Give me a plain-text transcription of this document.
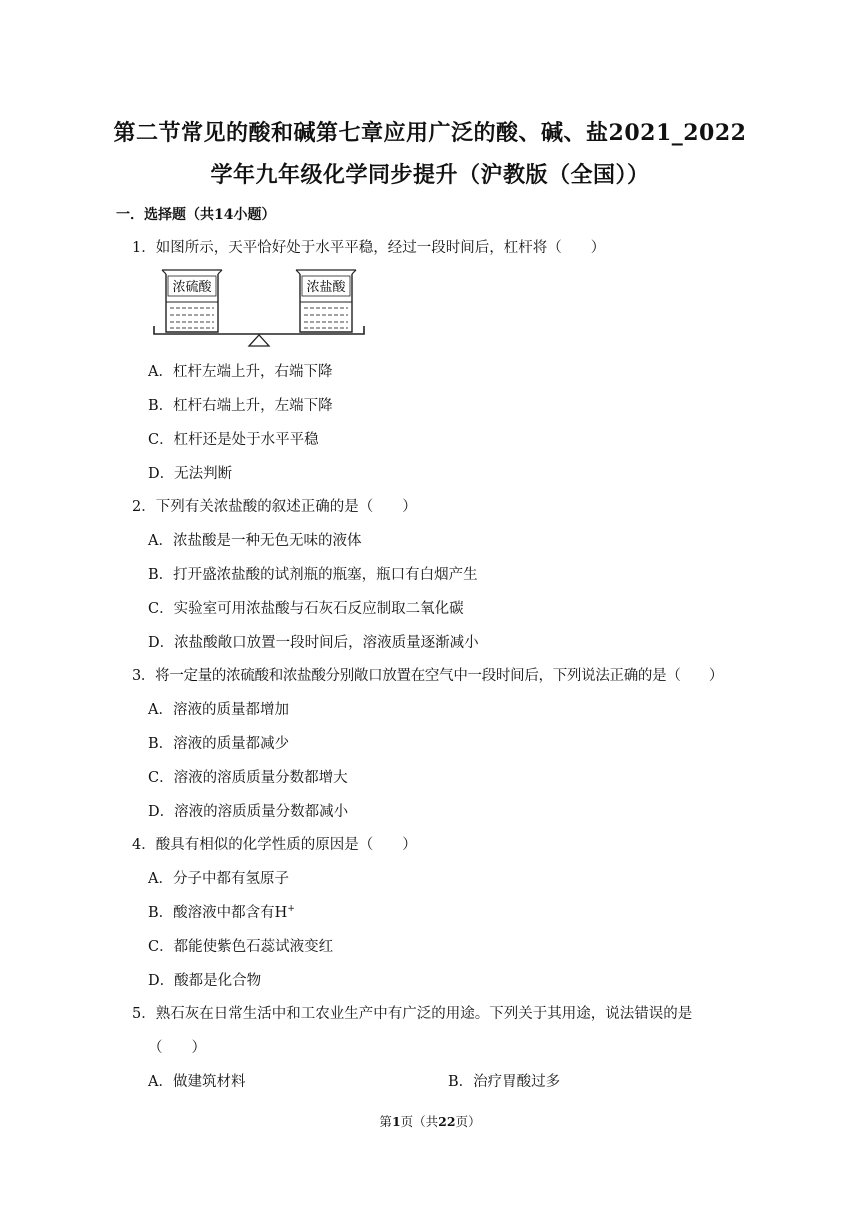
第二节常见的酸和碱第七章应用广泛的酸、碱、盐2021_2022
学年九年级化学同步提升（沪教版（全国））
一．选择题（共14小题）
1．如图所示，天平恰好处于水平平稳，经过一段时间后，杠杆将（　　）
浓硫酸	浓盐酸
A．杠杆左端上升，右端下降
B．杠杆右端上升，左端下降
C．杠杆还是处于水平平稳
D．无法判断
2．下列有关浓盐酸的叙述正确的是（　　）
A．浓盐酸是一种无色无味的液体
B．打开盛浓盐酸的试剂瓶的瓶塞，瓶口有白烟产生
C．实验室可用浓盐酸与石灰石反应制取二氧化碳
D．浓盐酸敞口放置一段时间后，溶液质量逐渐减小
3．将一定量的浓硫酸和浓盐酸分别敞口放置在空气中一段时间后，下列说法正确的是（　　）
A．溶液的质量都增加
B．溶液的质量都减少
C．溶液的溶质质量分数都增大
D．溶液的溶质质量分数都减小
4．酸具有相似的化学性质的原因是（　　）
A．分子中都有氢原子
B．酸溶液中都含有H+
C．都能使紫色石蕊试液变红
D．酸都是化合物
5．熟石灰在日常生活中和工农业生产中有广泛的用途。下列关于其用途，说法错误的是
（　　）
A．做建筑材料	B．治疗胃酸过多
第1页（共22页）
